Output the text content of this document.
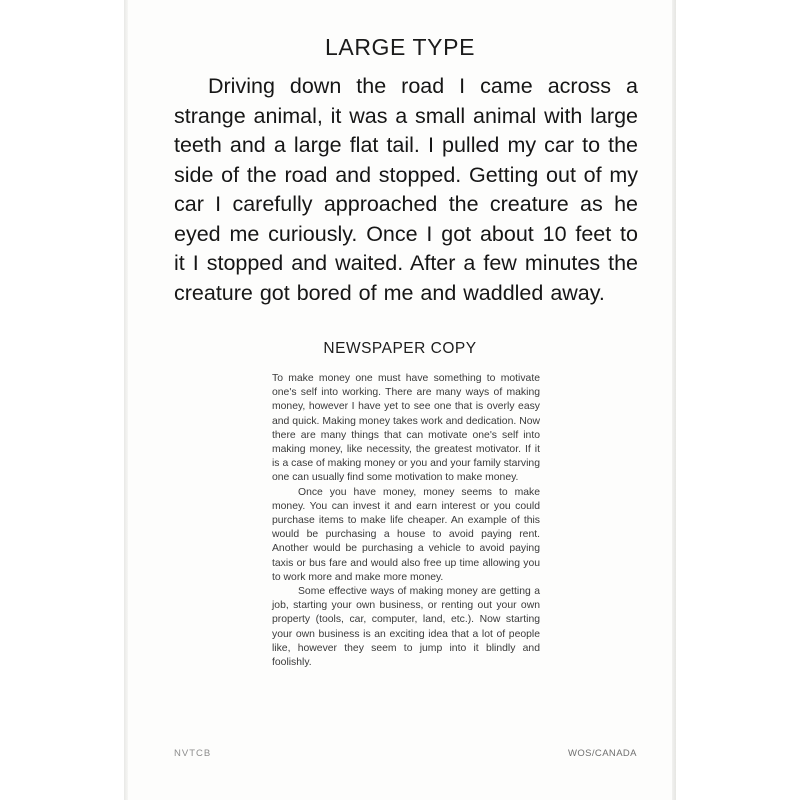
LARGE TYPE
Driving down the road I came across a strange animal, it was a small animal with large teeth and a large flat tail. I pulled my car to the side of the road and stopped. Getting out of my car I carefully approached the creature as he eyed me curiously. Once I got about 10 feet to it I stopped and waited. After a few minutes the creature got bored of me and waddled away.
NEWSPAPER COPY

To make money one must have something to motivate one's self into working. There are many ways of making money, however I have yet to see one that is overly easy and quick. Making money takes work and dedication. Now there are many things that can motivate one's self into making money, like necessity, the greatest motivator. If it is a case of making money or you and your family starving one can usually find some motivation to make money.

Once you have money, money seems to make money. You can invest it and earn interest or you could purchase items to make life cheaper. An example of this would be purchasing a house to avoid paying rent. Another would be purchasing a vehicle to avoid paying taxis or bus fare and would also free up time allowing you to work more and make more money.

Some effective ways of making money are getting a job, starting your own business, or renting out your own property (tools, car, computer, land, etc.). Now starting your own business is an exciting idea that a lot of people like, however they seem to jump into it blindly and foolishly.

NVTCB	WOS/CANADA
